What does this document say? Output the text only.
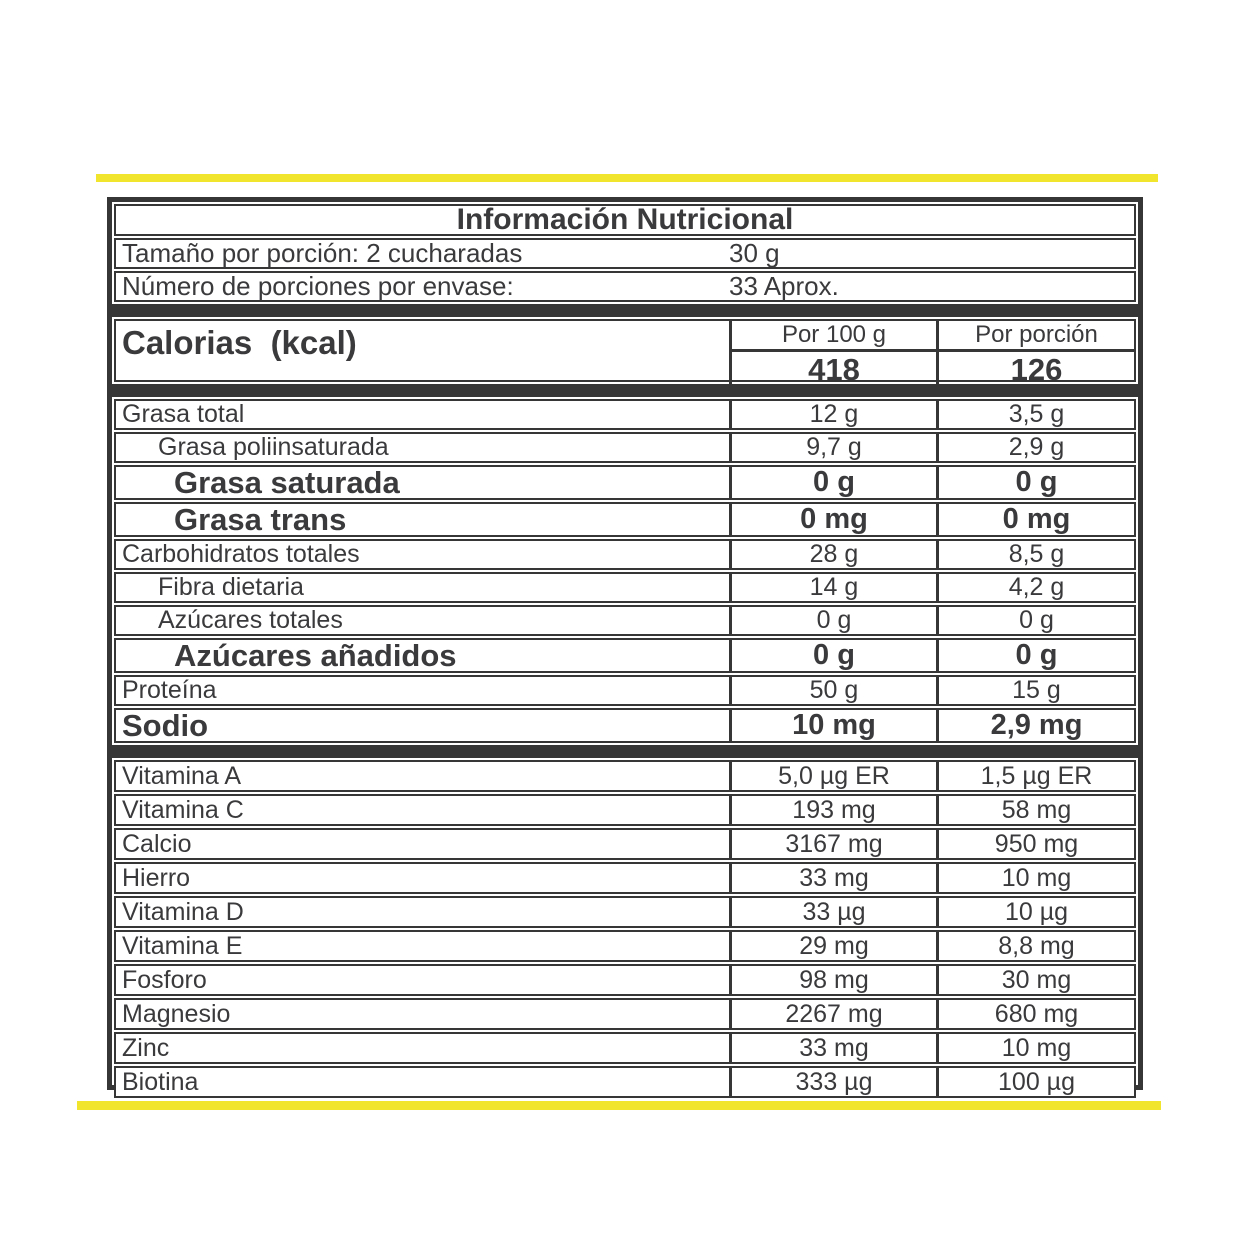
Información Nutricional
Tamaño por porción: 2 cucharadas	30 g
Número de porciones por envase:	33 Aprox.
Calorias  (kcal)	Por 100 g	Por porción
418	126
Grasa total	12 g	3,5 g
Grasa poliinsaturada	9,7 g	2,9 g
Grasa saturada	0 g	0 g
Grasa trans	0 mg	0 mg
Carbohidratos totales	28 g	8,5 g
Fibra dietaria	14 g	4,2 g
Azúcares totales	0 g	0 g
Azúcares añadidos	0 g	0 g
Proteína	50 g	15 g
Sodio	10 mg	2,9 mg
Vitamina A	5,0 µg ER	1,5 µg ER
Vitamina C	193 mg	58 mg
Calcio	3167 mg	950 mg
Hierro	33 mg	10 mg
Vitamina D	33 µg	10 µg
Vitamina E	29 mg	8,8 mg
Fosforo	98 mg	30 mg
Magnesio	2267 mg	680 mg
Zinc	33 mg	10 mg
Biotina	333 µg	100 µg
